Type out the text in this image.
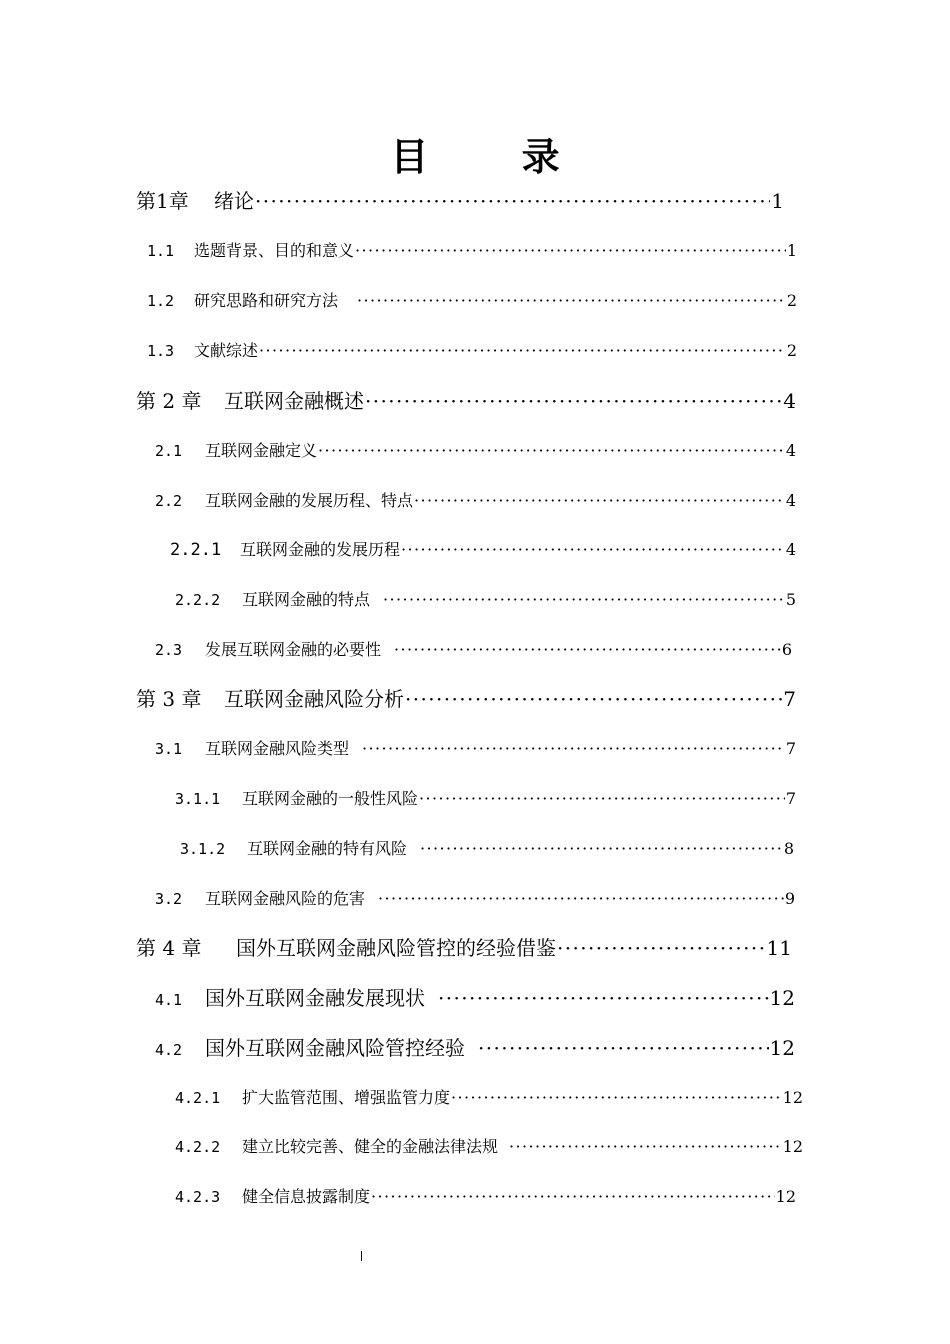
目 录
第1章	绪论 ·····	1
1.1	选题背景、目的和意义 ·····	1
1.2	研究思路和研究方法 ·····	2
1.3	文献综述 ·····	2
第 2 章	互联网金融概述 ·····	4
2.1	互联网金融定义 ·····	4
2.2	互联网金融的发展历程、特点 ·····	4
2.2.1	互联网金融的发展历程 ·····	4
2.2.2	互联网金融的特点 ·····	5
2.3	发展互联网金融的必要性 ·····	6
第 3 章	互联网金融风险分析 ·····	7
3.1	互联网金融风险类型 ·····	7
3.1.1	互联网金融的一般性风险 ·····	7
3.1.2	互联网金融的特有风险 ·····	8
3.2	互联网金融风险的危害 ·····	9
第 4 章	国外互联网金融风险管控的经验借鉴 ·····	11
4.1	国外互联网金融发展现状 ·····	12
4.2	国外互联网金融风险管控经验 ·····	12
4.2.1	扩大监管范围、增强监管力度 ·····	12
4.2.2	建立比较完善、健全的金融法律法规 ·····	12
4.2.3	健全信息披露制度 ·····	12
